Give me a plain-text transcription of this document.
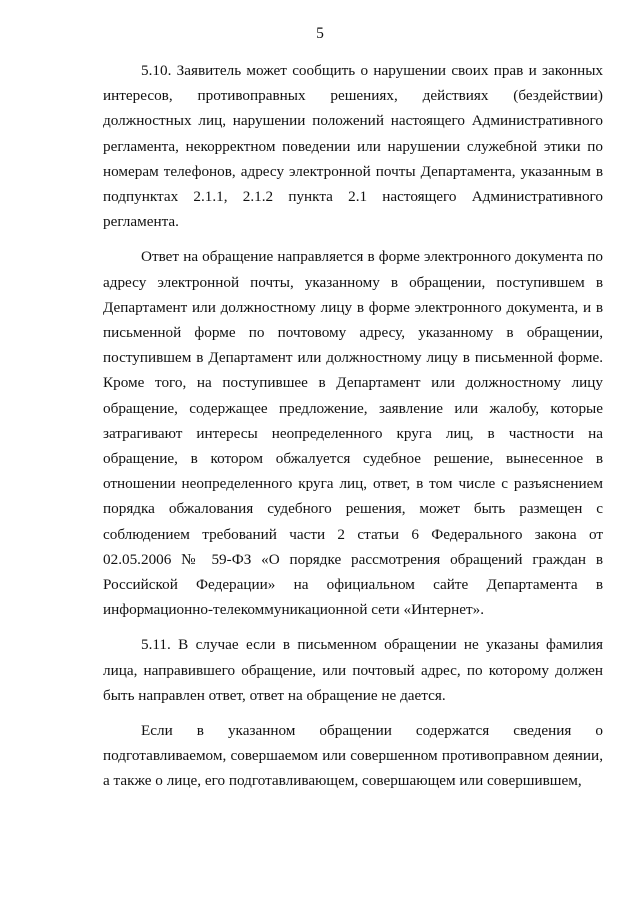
5

5.10. Заявитель может сообщить о нарушении своих прав и законных интересов, противоправных решениях, действиях (бездействии) должностных лиц, нарушении положений настоящего Административного регламента, некорректном поведении или нарушении служебной этики по номерам телефонов, адресу электронной почты Департамента, указанным в подпунктах 2.1.1, 2.1.2 пункта 2.1 настоящего Административного регламента.

Ответ на обращение направляется в форме электронного документа по адресу электронной почты, указанному в обращении, поступившем в Департамент или должностному лицу в форме электронного документа, и в письменной форме по почтовому адресу, указанному в обращении, поступившем в Департамент или должностному лицу в письменной форме. Кроме того, на поступившее в Департамент или должностному лицу обращение, содержащее предложение, заявление или жалобу, которые затрагивают интересы неопределенного круга лиц, в частности на обращение, в котором обжалуется судебное решение, вынесенное в отношении неопределенного круга лиц, ответ, в том числе с разъяснением порядка обжалования судебного решения, может быть размещен с соблюдением требований части 2 статьи 6 Федерального закона от 02.05.2006 № 59-ФЗ «О порядке рассмотрения обращений граждан в Российской Федерации» на официальном сайте Департамента в информационно-телекоммуникационной сети «Интернет».

5.11. В случае если в письменном обращении не указаны фамилия лица, направившего обращение, или почтовый адрес, по которому должен быть направлен ответ, ответ на обращение не дается.

Если в указанном обращении содержатся сведения о подготавливаемом, совершаемом или совершенном противоправном деянии, а также о лице, его подготавливающем, совершающем или совершившем,
